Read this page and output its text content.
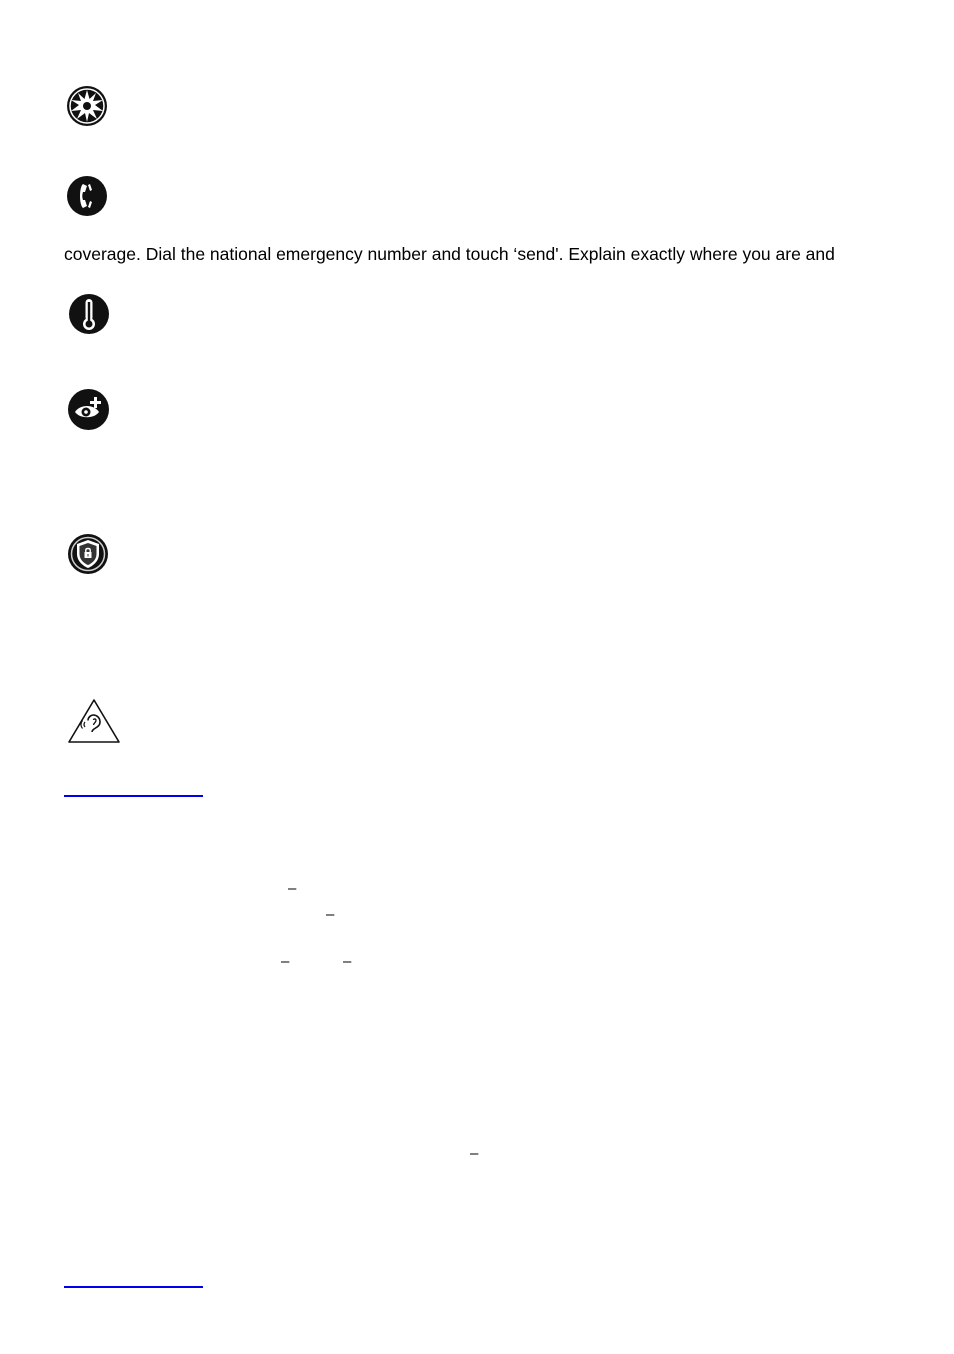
coverage. Dial the national emergency number and touch ‘send'. Explain exactly where you are and
–
–
–	–
–
